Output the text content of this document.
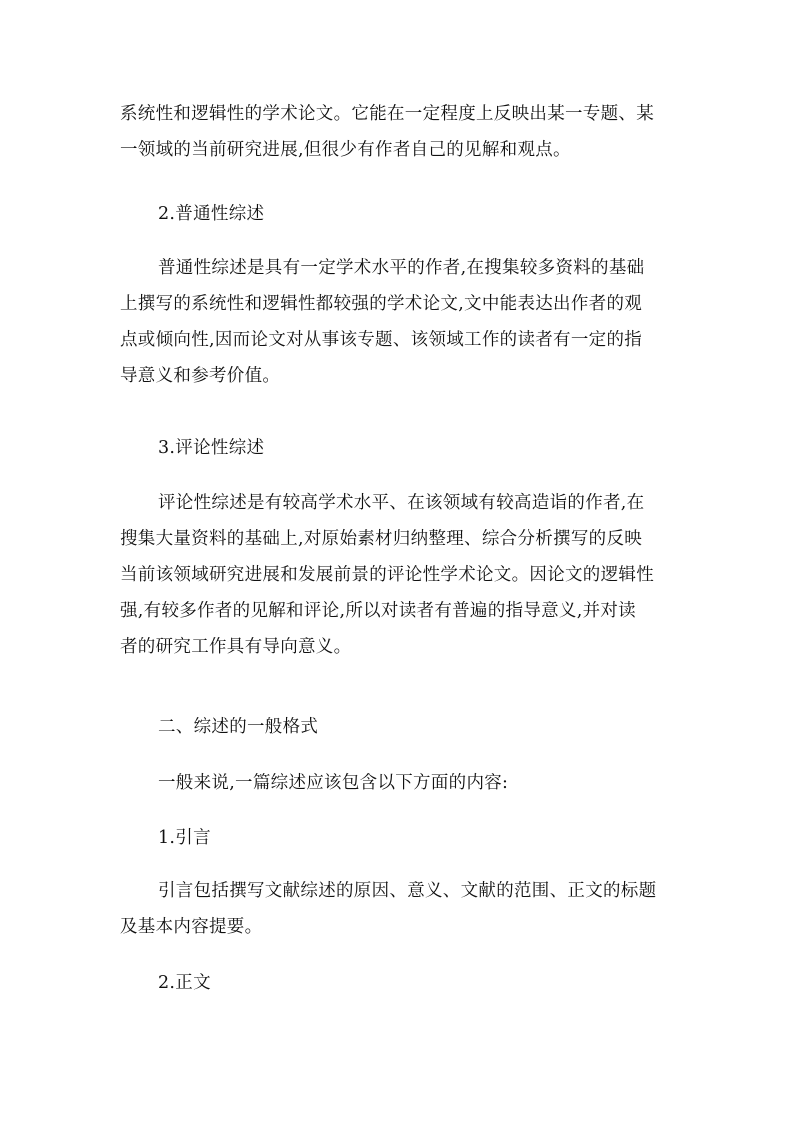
系统性和逻辑性的学术论文。它能在一定程度上反映出某一专题、某
一领域的当前研究进展,但很少有作者自己的见解和观点。
2.普通性综述
普通性综述是具有一定学术水平的作者,在搜集较多资料的基础
上撰写的系统性和逻辑性都较强的学术论文,文中能表达出作者的观
点或倾向性,因而论文对从事该专题、该领域工作的读者有一定的指
导意义和参考价值。
3.评论性综述
评论性综述是有较高学术水平、在该领域有较高造诣的作者,在
搜集大量资料的基础上,对原始素材归纳整理、综合分析撰写的反映
当前该领域研究进展和发展前景的评论性学术论文。因论文的逻辑性
强,有较多作者的见解和评论,所以对读者有普遍的指导意义,并对读
者的研究工作具有导向意义。
二、综述的一般格式
一般来说,一篇综述应该包含以下方面的内容:
1.引言
引言包括撰写文献综述的原因、意义、文献的范围、正文的标题
及基本内容提要。
2.正文
